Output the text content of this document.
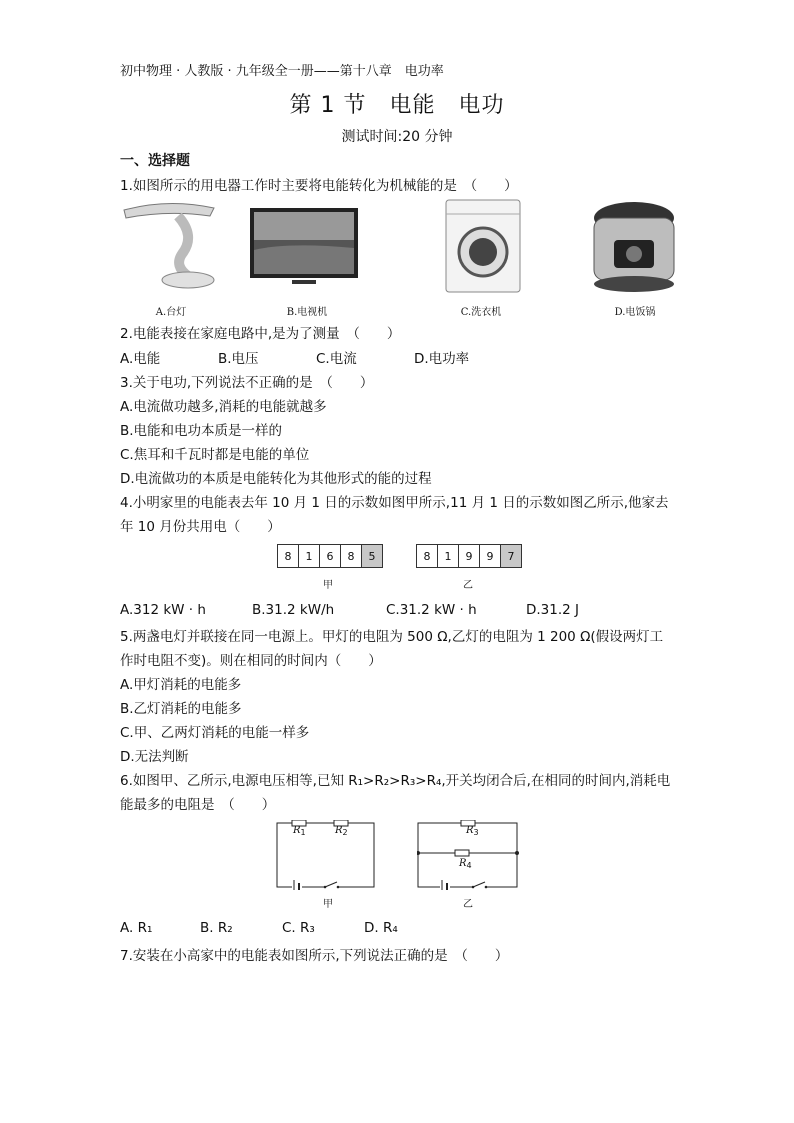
初中物理 · 人教版 · 九年级全一册——第十八章　电功率
第 1 节　电能　电功
测试时间:20 分钟
一、选择题
1.如图所示的用电器工作时主要将电能转化为机械能的是　（　　）
A.台灯	B.电视机	C.洗衣机	D.电饭锅
2.电能表接在家庭电路中,是为了测量　（　　）
A.电能	B.电压	C.电流	D.电功率
3.关于电功,下列说法不正确的是　（　　）
A.电流做功越多,消耗的电能就越多
B.电能和电功本质是一样的
C.焦耳和千瓦时都是电能的单位
D.电流做功的本质是电能转化为其他形式的能的过程
4.小明家里的电能表去年 10 月 1 日的示数如图甲所示,11 月 1 日的示数如图乙所示,他家去
年 10 月份共用电（　　）
8	1	6	8	5	8	1	9	9	7
甲	乙
A.312 kW · h	B.31.2 kW/h	C.31.2 kW · h	D.31.2 J
5.两盏电灯并联接在同一电源上。甲灯的电阻为 500 Ω,乙灯的电阻为 1 200 Ω(假设两灯工
作时电阻不变)。则在相同的时间内（　　）
A.甲灯消耗的电能多
B.乙灯消耗的电能多
C.甲、乙两灯消耗的电能一样多
D.无法判断
6.如图甲、乙所示,电源电压相等,已知 R₁>R₂>R₃>R₄,开关均闭合后,在相同的时间内,消耗电
能最多的电阻是　（　　）
$R_1$	$R_2$
甲
$R_3$
$R_4$
乙
A. R₁	B. R₂	C. R₃	D. R₄
7.安装在小高家中的电能表如图所示,下列说法正确的是　（　　）
